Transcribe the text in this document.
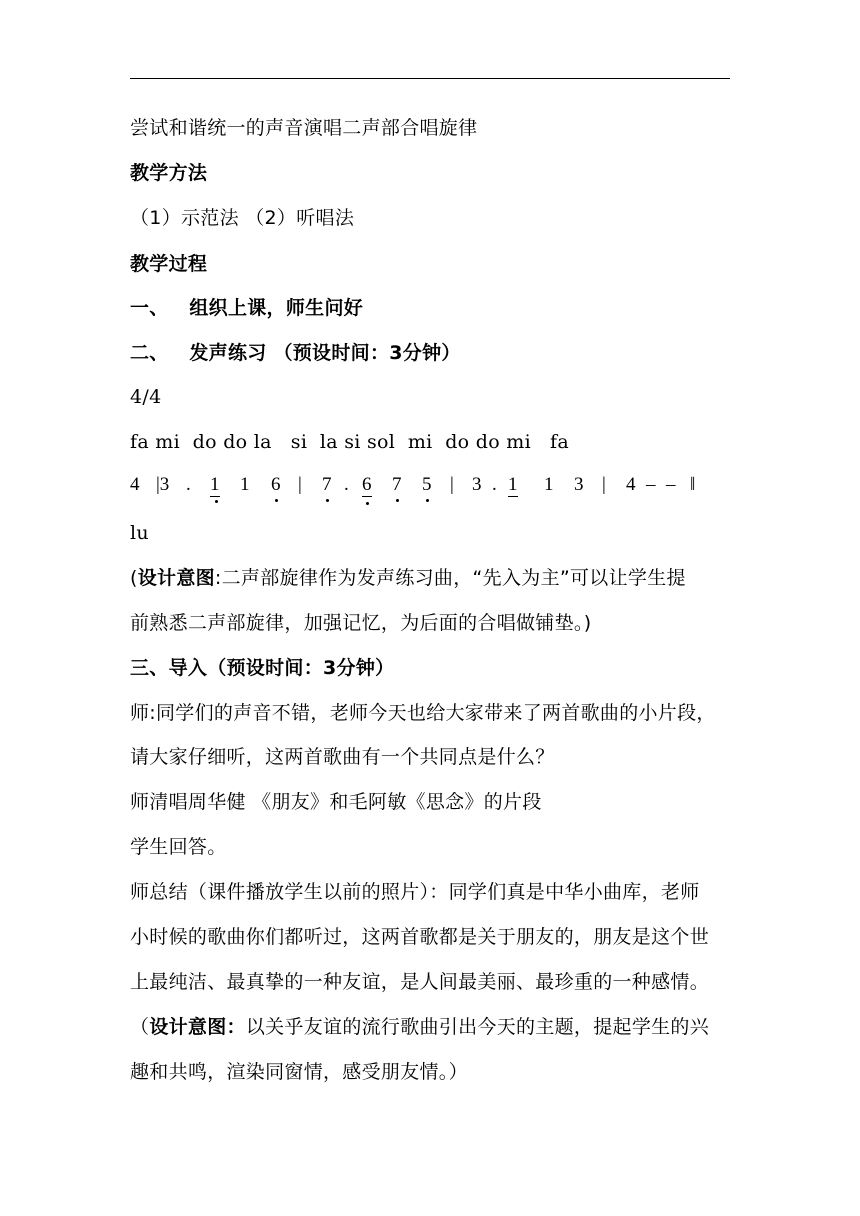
尝试和谐统一的声音演唱二声部合唱旋律
教学方法
（1）示范法 （2）听唱法
教学过程
一、   组织上课，师生问好
二、   发声练习 （预设时间：3分钟）
4/4
fa mi  do do la   si  la si sol  mi  do do mi   fa
4 |3 . 1 1 6 | 7 . 6 7 5 | 3 . 1 1 3 | 4 – – ‖
lu
(设计意图:二声部旋律作为发声练习曲，“先入为主”可以让学生提
前熟悉二声部旋律，加强记忆，为后面的合唱做铺垫。)
三、导入（预设时间：3分钟）
师:同学们的声音不错，老师今天也给大家带来了两首歌曲的小片段，
请大家仔细听，这两首歌曲有一个共同点是什么？
师清唱周华健 《朋友》和毛阿敏《思念》的片段
学生回答。
师总结（课件播放学生以前的照片）：同学们真是中华小曲库，老师
小时候的歌曲你们都听过，这两首歌都是关于朋友的，朋友是这个世
上最纯洁、最真挚的一种友谊，是人间最美丽、最珍重的一种感情。
（设计意图：以关乎友谊的流行歌曲引出今天的主题，提起学生的兴
趣和共鸣，渲染同窗情，感受朋友情。）
